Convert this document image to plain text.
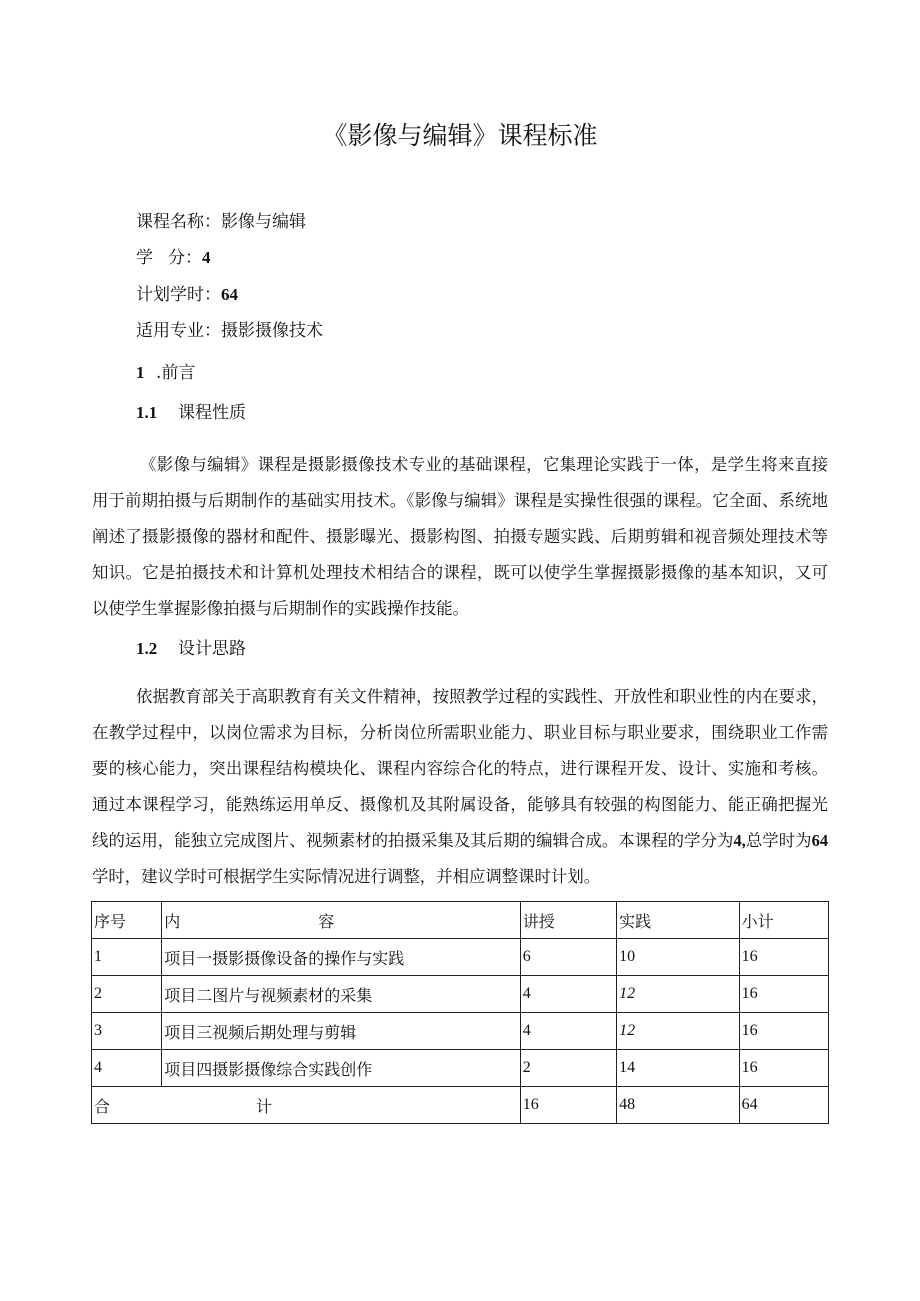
《影像与编辑》课程标准
课程名称：影像与编辑
学 分：4
计划学时：64
适用专业：摄影摄像技术
1 .前言
1.1 课程性质
《影像与编辑》课程是摄影摄像技术专业的基础课程，它集理论实践于一体，是学生将来直接用于前期拍摄与后期制作的基础实用技术。《影像与编辑》课程是实操性很强的课程。它全面、系统地阐述了摄影摄像的器材和配件、摄影曝光、摄影构图、拍摄专题实践、后期剪辑和视音频处理技术等知识。它是拍摄技术和计算机处理技术相结合的课程，既可以使学生掌握摄影摄像的基本知识，又可以使学生掌握影像拍摄与后期制作的实践操作技能。
1.2 设计思路
依据教育部关于高职教育有关文件精神，按照教学过程的实践性、开放性和职业性的内在要求，在教学过程中，以岗位需求为目标，分析岗位所需职业能力、职业目标与职业要求，围绕职业工作需要的核心能力，突出课程结构模块化、课程内容综合化的特点，进行课程开发、设计、实施和考核。通过本课程学习，能熟练运用单反、摄像机及其附属设备，能够具有较强的构图能力、能正确把握光线的运用，能独立完成图片、视频素材的拍摄采集及其后期的编辑合成。本课程的学分为4,总学时为64学时，建议学时可根据学生实际情况进行调整，并相应调整课时计划。
序号	内 容	讲授	实践	小计
1	项目一摄影摄像设备的操作与实践	6	10	16
2	项目二图片与视频素材的采集	4	12	16
3	项目三视频后期处理与剪辑	4	12	16
4	项目四摄影摄像综合实践创作	2	14	16
合 计		16	48	64
